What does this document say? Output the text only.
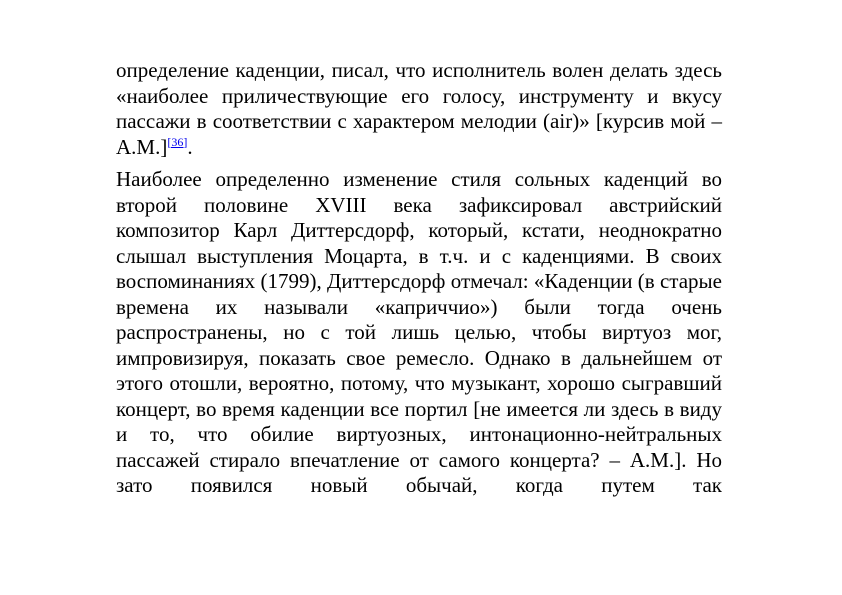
определение каденции, писал, что исполнитель волен делать здесь «наиболее приличествующие его голосу, инструменту и вкусу пассажи в соответствии с характером мелодии (air)» [курсив мой – А.М.][36].

Наиболее определенно изменение стиля сольных каденций во второй половине XVIII века зафиксировал австрийский композитор Карл Диттерсдорф, который, кстати, неоднократно слышал выступления Моцарта, в т.ч. и с каденциями. В своих воспоминаниях (1799), Диттерсдорф отмечал: «Каденции (в старые времена их называли «каприччио») были тогда очень распространены, но с той лишь целью, чтобы виртуоз мог, импровизируя, показать свое ремесло. Однако в дальнейшем от этого отошли, вероятно, потому, что музыкант, хорошо сыгравший концерт, во время каденции все портил [не имеется ли здесь в виду и то, что обилие виртуозных, интонационно-нейтральных пассажей стирало впечатление от самого концерта? – А.М.]. Но зато появился новый обычай, когда путем так
